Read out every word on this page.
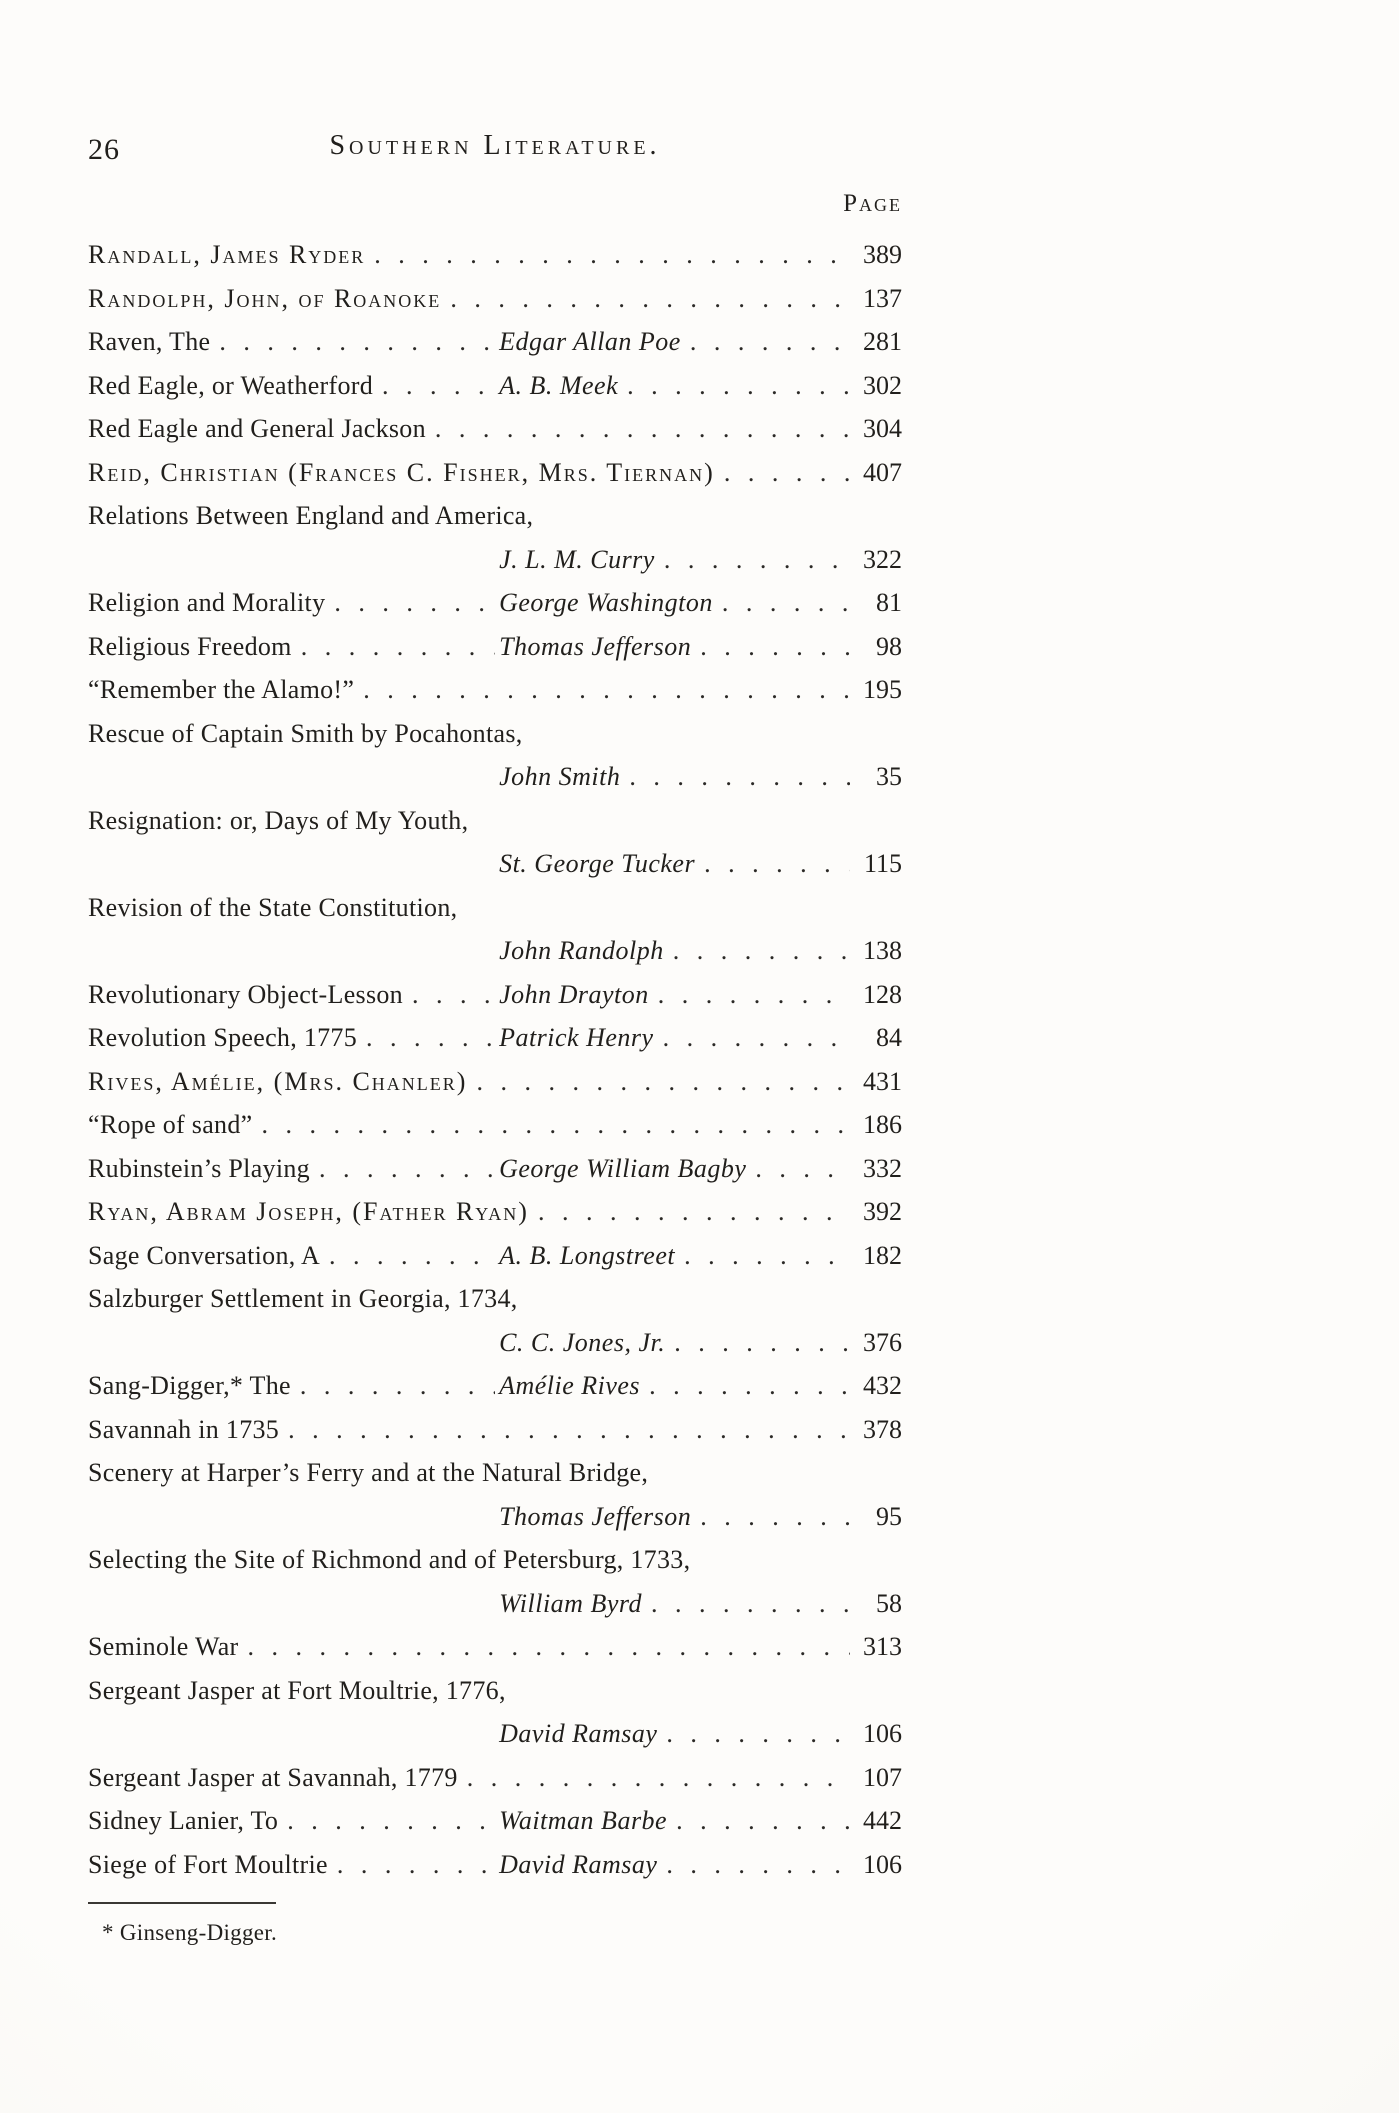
26	Southern Literature.
Page
Randall, James Ryder . . .	389
Randolph, John, of Roanoke . . .	137
Raven, The . . .	Edgar Allan Poe . . .	281
Red Eagle, or Weatherford . . .	A. B. Meek . . .	302
Red Eagle and General Jackson . . .	304
Reid, Christian (Frances C. Fisher, Mrs. Tiernan) . . .	407
Relations Between England and America,
J. L. M. Curry . . .	322
Religion and Morality . . .	George Washington . . .	81
Religious Freedom . . .	Thomas Jefferson . . .	98
“Remember the Alamo!” . . .	195
Rescue of Captain Smith by Pocahontas,
John Smith . . .	35
Resignation: or, Days of My Youth,
St. George Tucker . . .	115
Revision of the State Constitution,
John Randolph . . .	138
Revolutionary Object-Lesson . . .	John Drayton . . .	128
Revolution Speech, 1775 . . .	Patrick Henry . . .	84
Rives, Amélie, (Mrs. Chanler) . . .	431
“Rope of sand” . . .	186
Rubinstein’s Playing . . .	George William Bagby . . .	332
Ryan, Abram Joseph, (Father Ryan) . . .	392
Sage Conversation, A . . .	A. B. Longstreet . . .	182
Salzburger Settlement in Georgia, 1734,
C. C. Jones, Jr. . . .	376
Sang-Digger,* The . . .	Amélie Rives . . .	432
Savannah in 1735 . . .	378
Scenery at Harper’s Ferry and at the Natural Bridge,
Thomas Jefferson . . .	95
Selecting the Site of Richmond and of Petersburg, 1733,
William Byrd . . .	58
Seminole War . . .	313
Sergeant Jasper at Fort Moultrie, 1776,
David Ramsay . . .	106
Sergeant Jasper at Savannah, 1779 . . .	107
Sidney Lanier, To . . .	Waitman Barbe . . .	442
Siege of Fort Moultrie . . .	David Ramsay . . .	106
* Ginseng-Digger.
